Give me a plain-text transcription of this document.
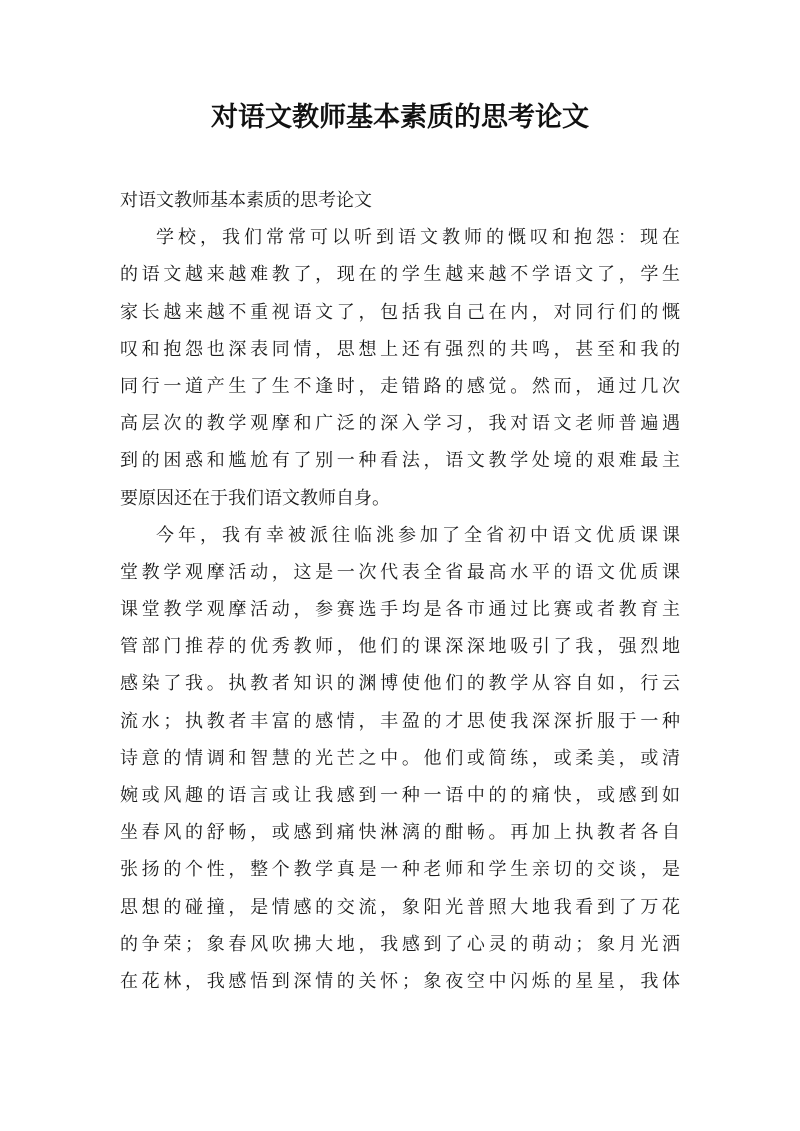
对语文教师基本素质的思考论文
对语文教师基本素质的思考论文
学校，我们常常可以听到语文教师的慨叹和抱怨：现在
的语文越来越难教了，现在的学生越来越不学语文了，学生
家长越来越不重视语文了，包括我自己在内，对同行们的慨
叹和抱怨也深表同情，思想上还有强烈的共鸣，甚至和我的
同行一道产生了生不逢时，走错路的感觉。然而，通过几次
高层次的教学观摩和广泛的深入学习，我对语文老师普遍遇
到的困惑和尴尬有了别一种看法，语文教学处境的艰难最主
要原因还在于我们语文教师自身。
今年，我有幸被派往临洮参加了全省初中语文优质课课
堂教学观摩活动，这是一次代表全省最高水平的语文优质课
课堂教学观摩活动，参赛选手均是各市通过比赛或者教育主
管部门推荐的优秀教师，他们的课深深地吸引了我，强烈地
感染了我。执教者知识的渊博使他们的教学从容自如，行云
流水；执教者丰富的感情，丰盈的才思使我深深折服于一种
诗意的情调和智慧的光芒之中。他们或简练，或柔美，或清
婉或风趣的语言或让我感到一种一语中的的痛快，或感到如
坐春风的舒畅，或感到痛快淋漓的酣畅。再加上执教者各自
张扬的个性，整个教学真是一种老师和学生亲切的交谈，是
思想的碰撞，是情感的交流，象阳光普照大地我看到了万花
的争荣；象春风吹拂大地，我感到了心灵的萌动；象月光洒
在花林，我感悟到深情的关怀；象夜空中闪烁的星星，我体
